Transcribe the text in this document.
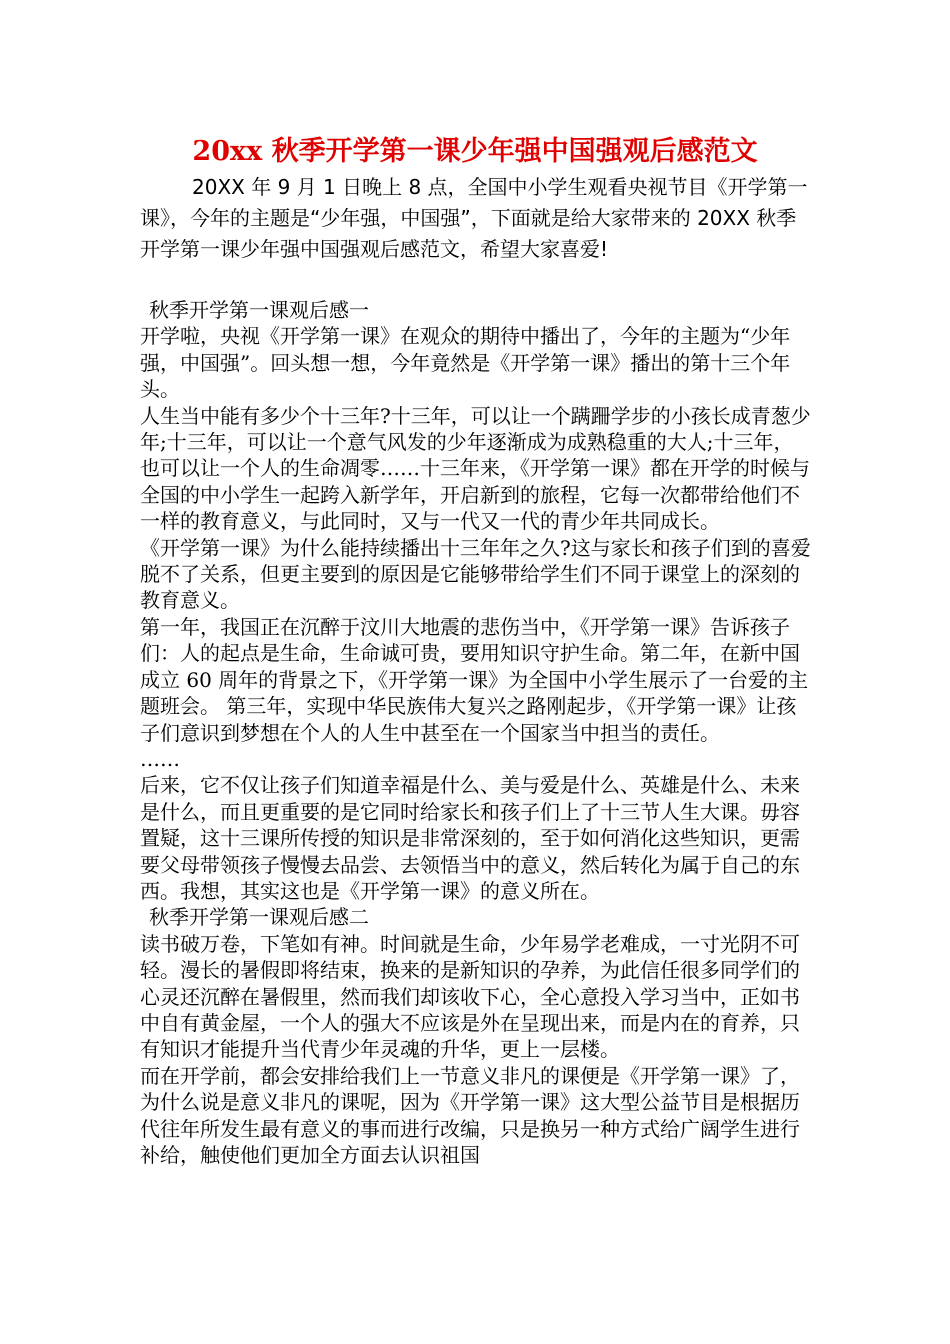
20xx 秋季开学第一课少年强中国强观后感范文

20XX 年 9 月 1 日晚上 8 点，全国中小学生观看央视节目《开学第一课》，今年的主题是“少年强，中国强”，下面就是给大家带来的 20XX 秋季开学第一课少年强中国强观后感范文，希望大家喜爱!

秋季开学第一课观后感一

开学啦，央视《开学第一课》在观众的期待中播出了，今年的主题为“少年强，中国强”。回头想一想，今年竟然是《开学第一课》播出的第十三个年头。

人生当中能有多少个十三年?十三年，可以让一个蹒跚学步的小孩长成青葱少年;十三年，可以让一个意气风发的少年逐渐成为成熟稳重的大人;十三年，也可以让一个人的生命凋零……十三年来，《开学第一课》都在开学的时候与全国的中小学生一起跨入新学年，开启新到的旅程，它每一次都带给他们不一样的教育意义，与此同时，又与一代又一代的青少年共同成长。

《开学第一课》为什么能持续播出十三年年之久?这与家长和孩子们到的喜爱脱不了关系，但更主要到的原因是它能够带给学生们不同于课堂上的深刻的教育意义。

第一年，我国正在沉醉于汶川大地震的悲伤当中，《开学第一课》告诉孩子们：人的起点是生命，生命诚可贵，要用知识守护生命。第二年，在新中国成立 60 周年的背景之下，《开学第一课》为全国中小学生展示了一台爱的主题班会。 第三年，实现中华民族伟大复兴之路刚起步，《开学第一课》让孩子们意识到梦想在个人的人生中甚至在一个国家当中担当的责任。

……

后来，它不仅让孩子们知道幸福是什么、美与爱是什么、英雄是什么、未来是什么，而且更重要的是它同时给家长和孩子们上了十三节人生大课。毋容置疑，这十三课所传授的知识是非常深刻的，至于如何消化这些知识，更需要父母带领孩子慢慢去品尝、去领悟当中的意义，然后转化为属于自己的东西。我想，其实这也是《开学第一课》的意义所在。

秋季开学第一课观后感二

读书破万卷，下笔如有神。时间就是生命，少年易学老难成，一寸光阴不可轻。漫长的暑假即将结束，换来的是新知识的孕养，为此信任很多同学们的心灵还沉醉在暑假里，然而我们却该收下心，全心意投入学习当中，正如书中自有黄金屋，一个人的强大不应该是外在呈现出来，而是内在的育养，只有知识才能提升当代青少年灵魂的升华，更上一层楼。

而在开学前，都会安排给我们上一节意义非凡的课便是《开学第一课》了，为什么说是意义非凡的课呢，因为《开学第一课》这大型公益节目是根据历代往年所发生最有意义的事而进行改编，只是换另一种方式给广阔学生进行补给，触使他们更加全方面去认识祖国
